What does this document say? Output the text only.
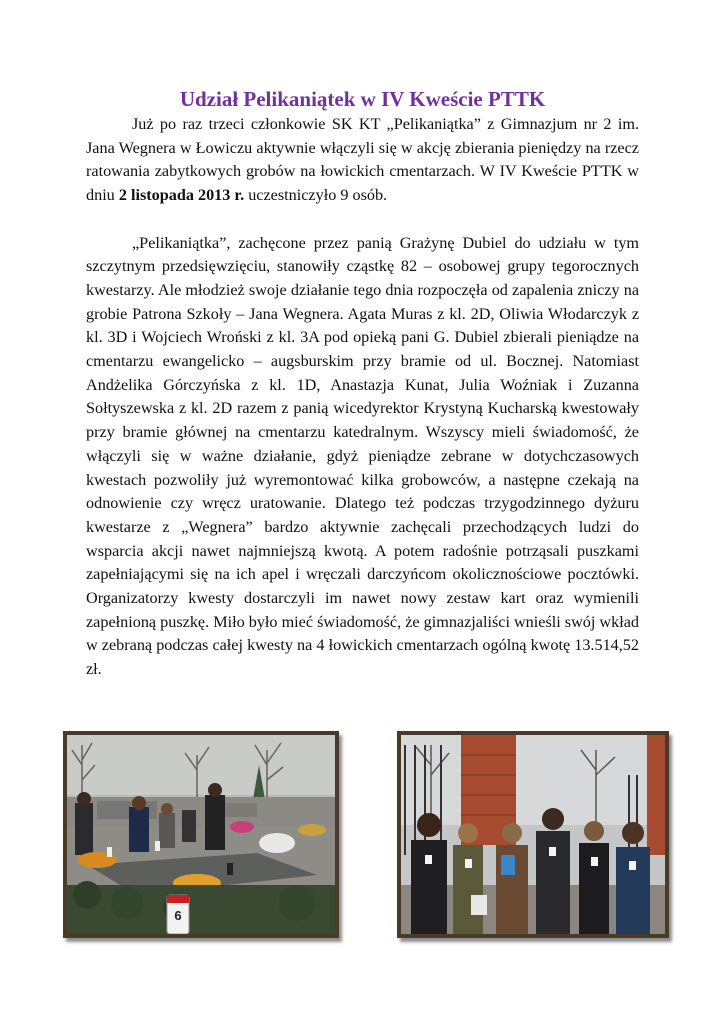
Udział Pelikaniątek w IV Kweście PTTK

Już po raz trzeci członkowie SK KT „Pelikaniątka” z Gimnazjum nr 2 im. Jana Wegnera w Łowiczu aktywnie włączyli się w akcję zbierania pieniędzy na rzecz ratowania zabytkowych grobów na łowickich cmentarzach. W IV Kweście PTTK w dniu 2 listopada 2013 r. uczestniczyło 9 osób.

„Pelikaniątka”, zachęcone przez panią Grażynę Dubiel do udziału w tym szczytnym przedsięwzięciu, stanowiły cząstkę 82 – osobowej grupy tegorocznych kwestarzy. Ale młodzież swoje działanie tego dnia rozpoczęła od zapalenia zniczy na grobie Patrona Szkoły – Jana Wegnera. Agata Muras z kl. 2D, Oliwia Włodarczyk z kl. 3D i Wojciech Wroński z kl. 3A pod opieką pani G. Dubiel zbierali pieniądze na cmentarzu ewangelicko – augsburskim przy bramie od ul. Bocznej. Natomiast Andżelika Górczyńska z kl. 1D, Anastazja Kunat, Julia Woźniak i Zuzanna Sołtyszewska z kl. 2D razem z panią wicedyrektor Krystyną Kucharską kwestowały przy bramie głównej na cmentarzu katedralnym. Wszyscy mieli świadomość, że włączyli się w ważne działanie, gdyż pieniądze zebrane w dotychczasowych kwestach pozwoliły już wyremontować kilka grobowców, a następne czekają na odnowienie czy wręcz uratowanie. Dlatego też podczas trzygodzinnego dyżuru kwestarze z „Wegnera” bardzo aktywnie zachęcali przechodzących ludzi do wsparcia akcji nawet najmniejszą kwotą. A potem radośnie potrząsali puszkami zapełniającymi się na ich apel i wręczali darczyńcom okolicznościowe pocztówki. Organizatorzy kwesty dostarczyli im nawet nowy zestaw kart oraz wymienili zapełnioną puszkę. Miło było mieć świadomość, że gimnazjaliści wnieśli swój wkład w zebraną podczas całej kwesty na 4 łowickich cmentarzach ogólną kwotę 13.514,52 zł.

6
